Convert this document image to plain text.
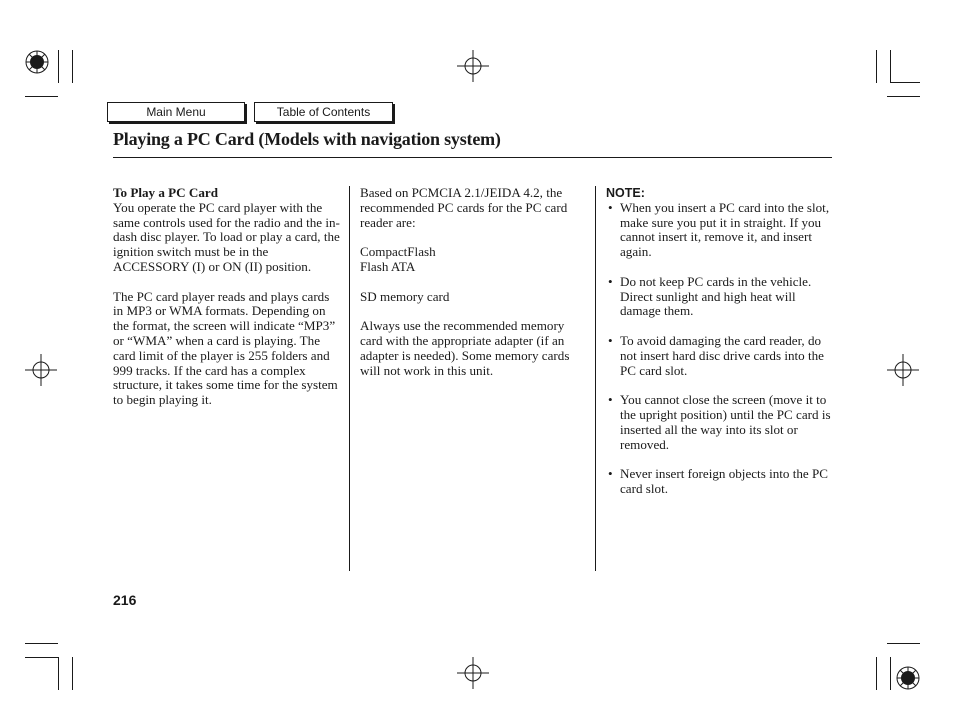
Main Menu	Table of Contents
Playing a PC Card (Models with navigation system)
To Play a PC Card

You operate the PC card player with the same controls used for the radio and the in-dash disc player. To load or play a card, the ignition switch must be in the ACCESSORY (I) or ON (II) position.

The PC card player reads and plays cards in MP3 or WMA formats. Depending on the format, the screen will indicate “MP3” or “WMA” when a card is playing. The card limit of the player is 255 folders and 999 tracks. If the card has a complex structure, it takes some time for the system to begin playing it.

Based on PCMCIA 2.1/JEIDA 4.2, the recommended PC cards for the PC card reader are:

CompactFlash

Flash ATA

SD memory card

Always use the recommended memory card with the appropriate adapter (if an adapter is needed). Some memory cards will not work in this unit.

NOTE:
• When you insert a PC card into the slot, make sure you put it in straight. If you cannot insert it, remove it, and insert again.
• Do not keep PC cards in the vehicle. Direct sunlight and high heat will damage them.
• To avoid damaging the card reader, do not insert hard disc drive cards into the PC card slot.
• You cannot close the screen (move it to the upright position) until the PC card is inserted all the way into its slot or removed.
• Never insert foreign objects into the PC card slot.
216
